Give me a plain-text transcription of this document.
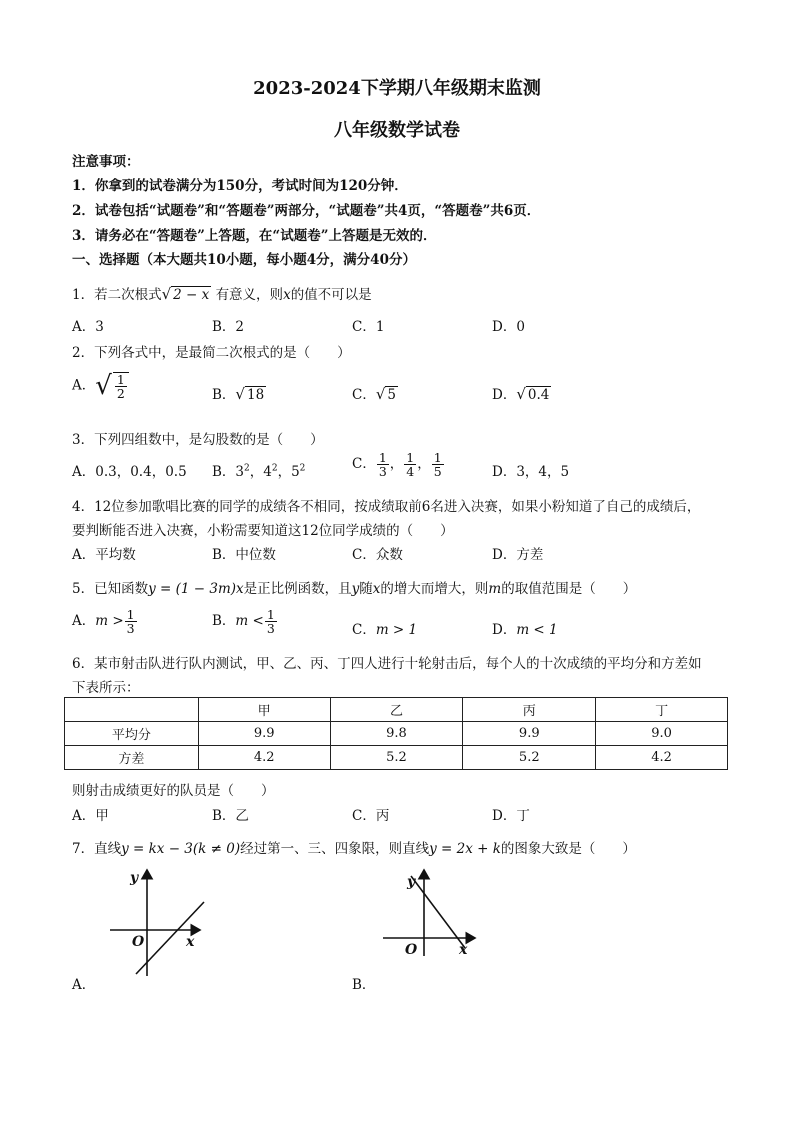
2023-2024下学期八年级期末监测
八年级数学试卷
注意事项：
1．你拿到的试卷满分为150分，考试时间为120分钟．
2．试卷包括“试题卷”和“答题卷”两部分，“试题卷”共4页，“答题卷”共6页．
3．请务必在“答题卷”上答题，在“试题卷”上答题是无效的．
一、选择题（本大题共10小题，每小题4分，满分40分）
1．若二次根式√ 2 − x 有意义，则x的值不可以是
A．3	B．2	C．1	D．0
2．下列各式中，是最简二次根式的是（　　）
A．√ $\frac{1}{2}$	B．√ 18	C．√ 5	D．√ 0.4
3．下列四组数中，是勾股数的是（　　）
A．0.3，0.4，0.5 B．$3^2$，$4^2$，$5^2$	C． $\frac{1}{3}$ ， $\frac{1}{4}$ ， $\frac{1}{5}$	D．3，4，5
4．12位参加歌唱比赛的同学的成绩各不相同，按成绩取前6名进入决赛，如果小粉知道了自己的成绩后，
要判断能否进入决赛，小粉需要知道这12位同学成绩的（　　）
A．平均数	B．中位数	C．众数	D．方差
5．已知函数y = (1 − 3m)x是正比例函数，且y随x的增大而增大，则m的取值范围是（　　）
A．$m > \frac{1}{3}$	B．$m < \frac{1}{3}$	C．m > 1	D．m < 1
6．某市射击队进行队内测试，甲、乙、丙、丁四人进行十轮射击后，每个人的十次成绩的平均分和方差如
下表所示：
	甲	乙	丙	丁
平均分	9.9	9.8	9.9	9.0
方差	4.2	5.2	5.2	4.2
则射击成绩更好的队员是（　　）
A．甲	B．乙	C．丙	D．丁
7．直线y = kx − 3(k ≠ 0)经过第一、三、四象限，则直线y = 2x + k的图象大致是（　　）
y
x
O
A．
y
x
O
B．
